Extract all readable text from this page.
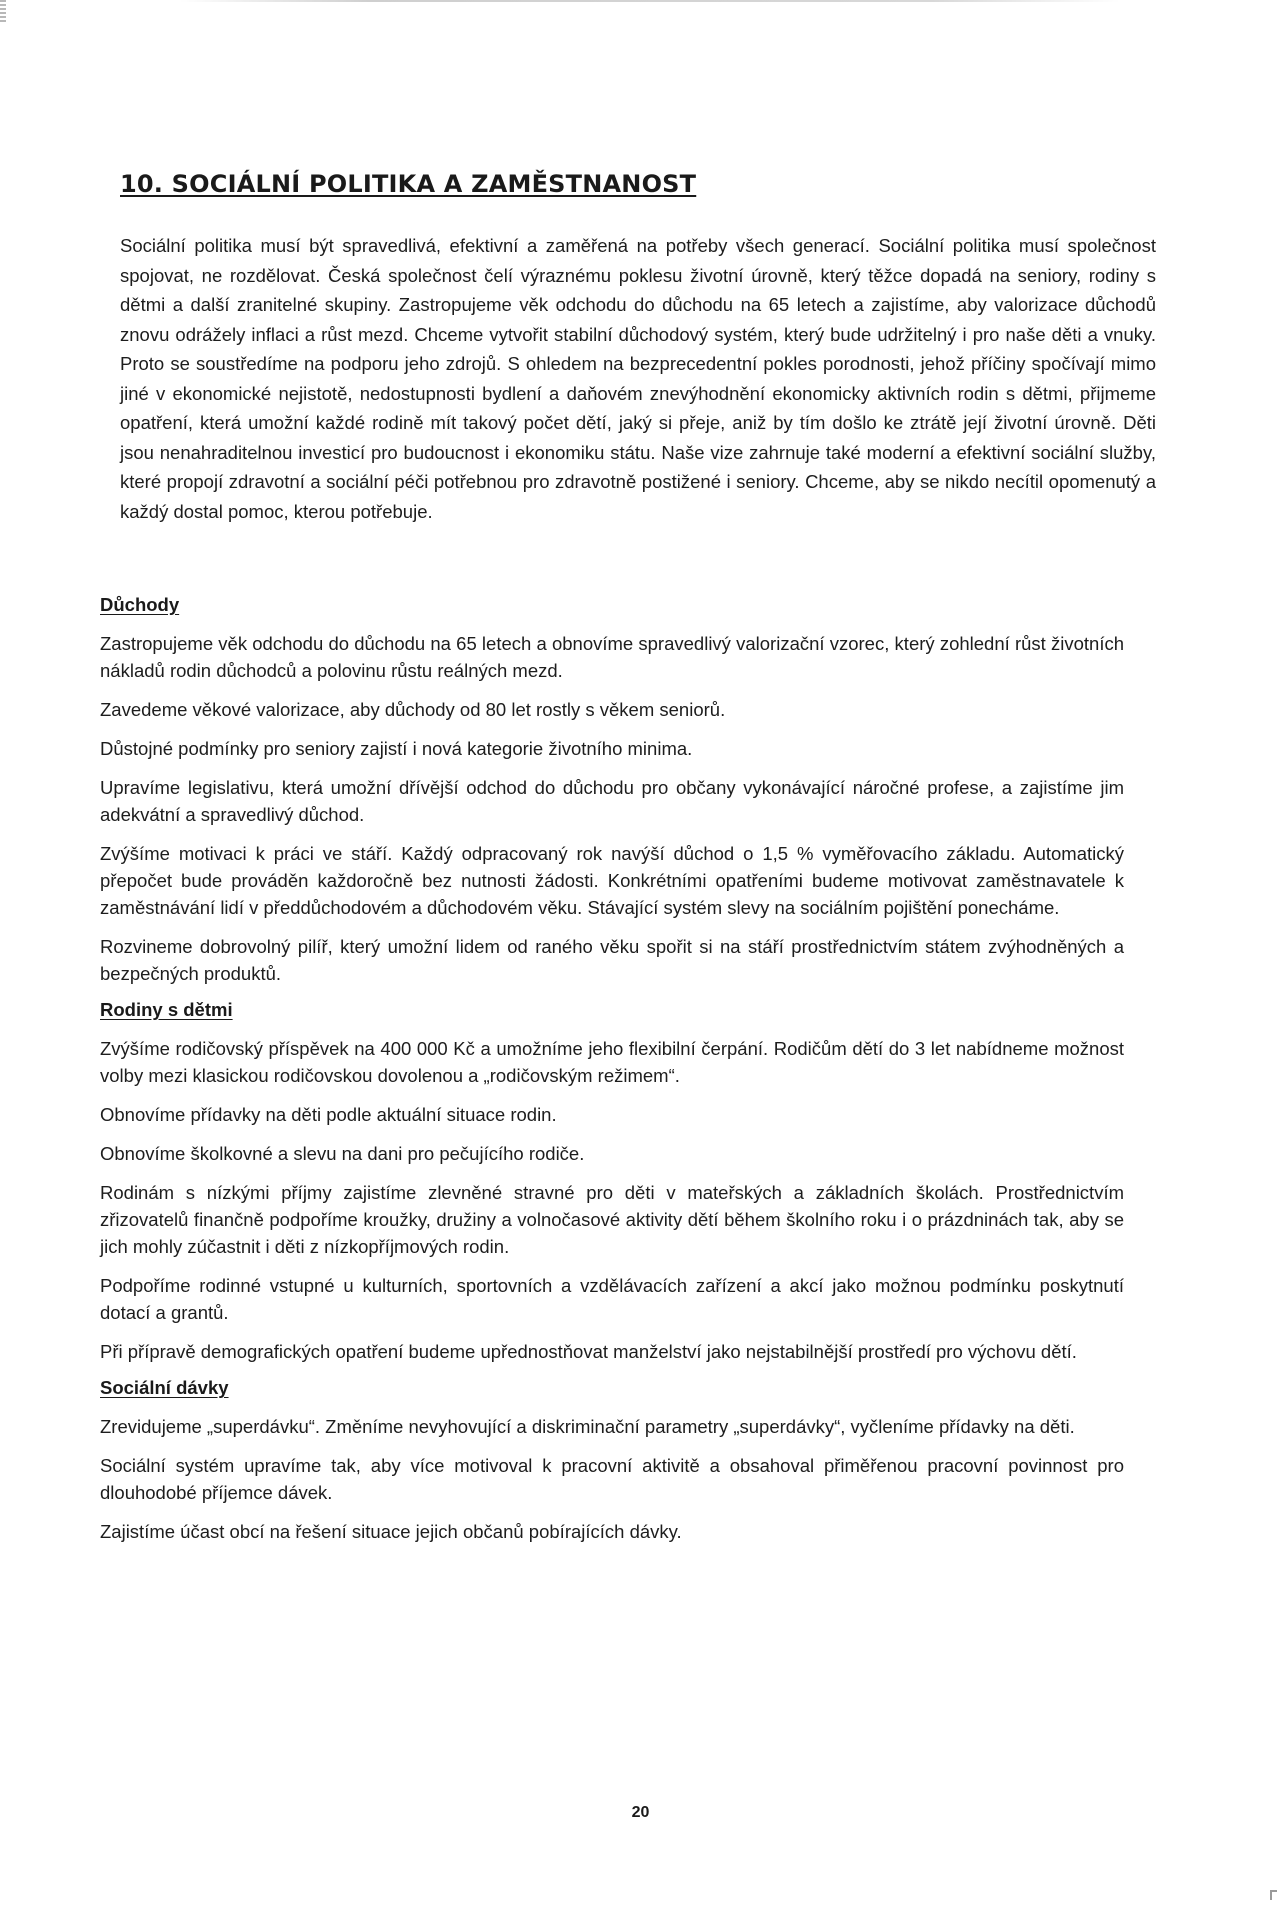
10. SOCIÁLNÍ POLITIKA A ZAMĚSTNANOST

Sociální politika musí být spravedlivá, efektivní a zaměřená na potřeby všech generací. Sociální politika musí společnost spojovat, ne rozdělovat. Česká společnost čelí výraznému poklesu životní úrovně, který těžce dopadá na seniory, rodiny s dětmi a další zranitelné skupiny. Zastropujeme věk odchodu do důchodu na 65 letech a zajistíme, aby valorizace důchodů znovu odrážely inflaci a růst mezd. Chceme vytvořit stabilní důchodový systém, který bude udržitelný i pro naše děti a vnuky. Proto se soustředíme na podporu jeho zdrojů. S ohledem na bezprecedentní pokles porodnosti, jehož příčiny spočívají mimo jiné v ekonomické nejistotě, nedostupnosti bydlení a daňovém znevýhodnění ekonomicky aktivních rodin s dětmi, přijmeme opatření, která umožní každé rodině mít takový počet dětí, jaký si přeje, aniž by tím došlo ke ztrátě její životní úrovně. Děti jsou nenahraditelnou investicí pro budoucnost i ekonomiku státu. Naše vize zahrnuje také moderní a efektivní sociální služby, které propojí zdravotní a sociální péči potřebnou pro zdravotně postižené i seniory. Chceme, aby se nikdo necítil opomenutý a každý dostal pomoc, kterou potřebuje.

Důchody

Zastropujeme věk odchodu do důchodu na 65 letech a obnovíme spravedlivý valorizační vzorec, který zohlední růst životních nákladů rodin důchodců a polovinu růstu reálných mezd.

Zavedeme věkové valorizace, aby důchody od 80 let rostly s věkem seniorů.

Důstojné podmínky pro seniory zajistí i nová kategorie životního minima.

Upravíme legislativu, která umožní dřívější odchod do důchodu pro občany vykonávající náročné profese, a zajistíme jim adekvátní a spravedlivý důchod.

Zvýšíme motivaci k práci ve stáří. Každý odpracovaný rok navýší důchod o 1,5 % vyměřovacího základu. Automatický přepočet bude prováděn každoročně bez nutnosti žádosti. Konkrétními opatřeními budeme motivovat zaměstnavatele k zaměstnávání lidí v předdůchodovém a důchodovém věku. Stávající systém slevy na sociálním pojištění ponecháme.

Rozvineme dobrovolný pilíř, který umožní lidem od raného věku spořit si na stáří prostřednictvím státem zvýhodněných a bezpečných produktů.

Rodiny s dětmi

Zvýšíme rodičovský příspěvek na 400 000 Kč a umožníme jeho flexibilní čerpání. Rodičům dětí do 3 let nabídneme možnost volby mezi klasickou rodičovskou dovolenou a „rodičovským režimem“.

Obnovíme přídavky na děti podle aktuální situace rodin.

Obnovíme školkovné a slevu na dani pro pečujícího rodiče.

Rodinám s nízkými příjmy zajistíme zlevněné stravné pro děti v mateřských a základních školách. Prostřednictvím zřizovatelů finančně podpoříme kroužky, družiny a volnočasové aktivity dětí během školního roku i o prázdninách tak, aby se jich mohly zúčastnit i děti z nízkopříjmových rodin.

Podpoříme rodinné vstupné u kulturních, sportovních a vzdělávacích zařízení a akcí jako možnou podmínku poskytnutí dotací a grantů.

Při přípravě demografických opatření budeme upřednostňovat manželství jako nejstabilnější prostředí pro výchovu dětí.

Sociální dávky

Zrevidujeme „superdávku“. Změníme nevyhovující a diskriminační parametry „superdávky“, vyčleníme přídavky na děti.

Sociální systém upravíme tak, aby více motivoval k pracovní aktivitě a obsahoval přiměřenou pracovní povinnost pro dlouhodobé příjemce dávek.

Zajistíme účast obcí na řešení situace jejich občanů pobírajících dávky.

20
